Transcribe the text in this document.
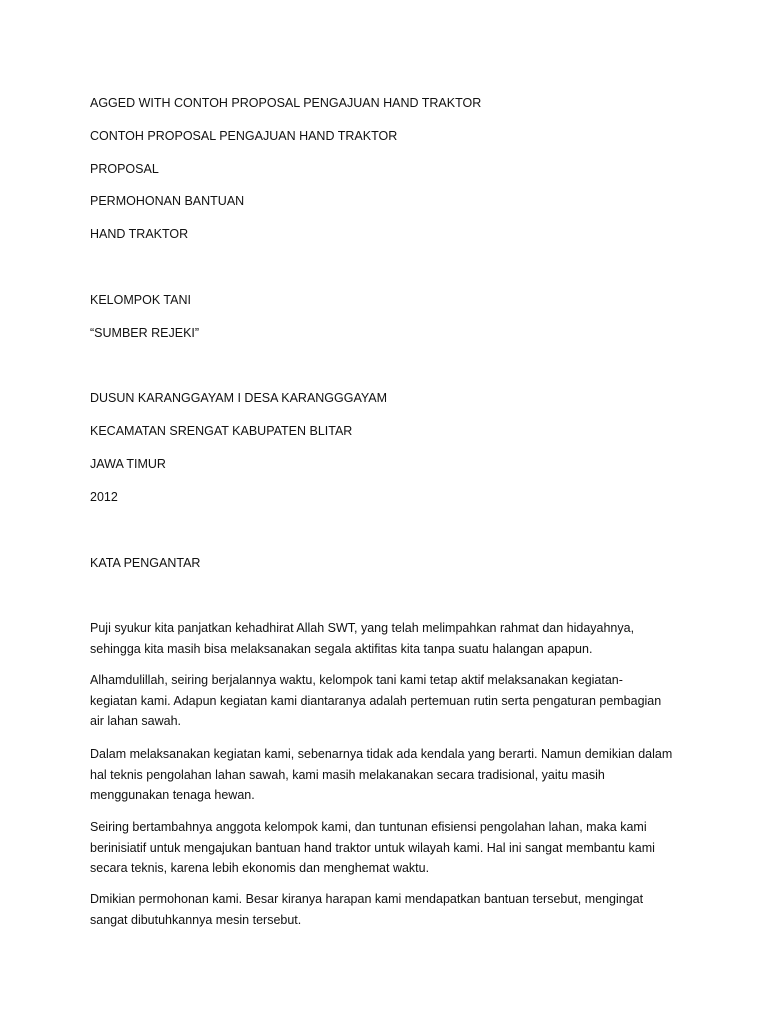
AGGED WITH CONTOH PROPOSAL PENGAJUAN HAND TRAKTOR
CONTOH PROPOSAL PENGAJUAN HAND TRAKTOR
PROPOSAL
PERMOHONAN BANTUAN
HAND TRAKTOR
KELOMPOK TANI
“SUMBER REJEKI”
DUSUN KARANGGAYAM I DESA KARANGGGAYAM
KECAMATAN SRENGAT KABUPATEN BLITAR
JAWA TIMUR
2012
KATA PENGANTAR
Puji syukur kita panjatkan kehadhirat Allah SWT, yang telah melimpahkan rahmat dan hidayahnya,
sehingga kita masih bisa melaksanakan segala aktifitas kita tanpa suatu halangan apapun.
Alhamdulillah, seiring berjalannya waktu, kelompok tani kami tetap aktif melaksanakan kegiatan-
kegiatan kami. Adapun kegiatan kami diantaranya adalah pertemuan rutin serta pengaturan pembagian
air lahan sawah.
Dalam melaksanakan kegiatan kami, sebenarnya tidak ada kendala yang berarti. Namun demikian dalam
hal teknis pengolahan lahan sawah, kami masih melakanakan secara tradisional, yaitu masih
menggunakan tenaga hewan.
Seiring bertambahnya anggota kelompok kami, dan tuntunan efisiensi pengolahan lahan, maka kami
berinisiatif untuk mengajukan bantuan hand traktor untuk wilayah kami. Hal ini sangat membantu kami
secara teknis, karena lebih ekonomis dan menghemat waktu.
Dmikian permohonan kami. Besar kiranya harapan kami mendapatkan bantuan tersebut, mengingat
sangat dibutuhkannya mesin tersebut.
